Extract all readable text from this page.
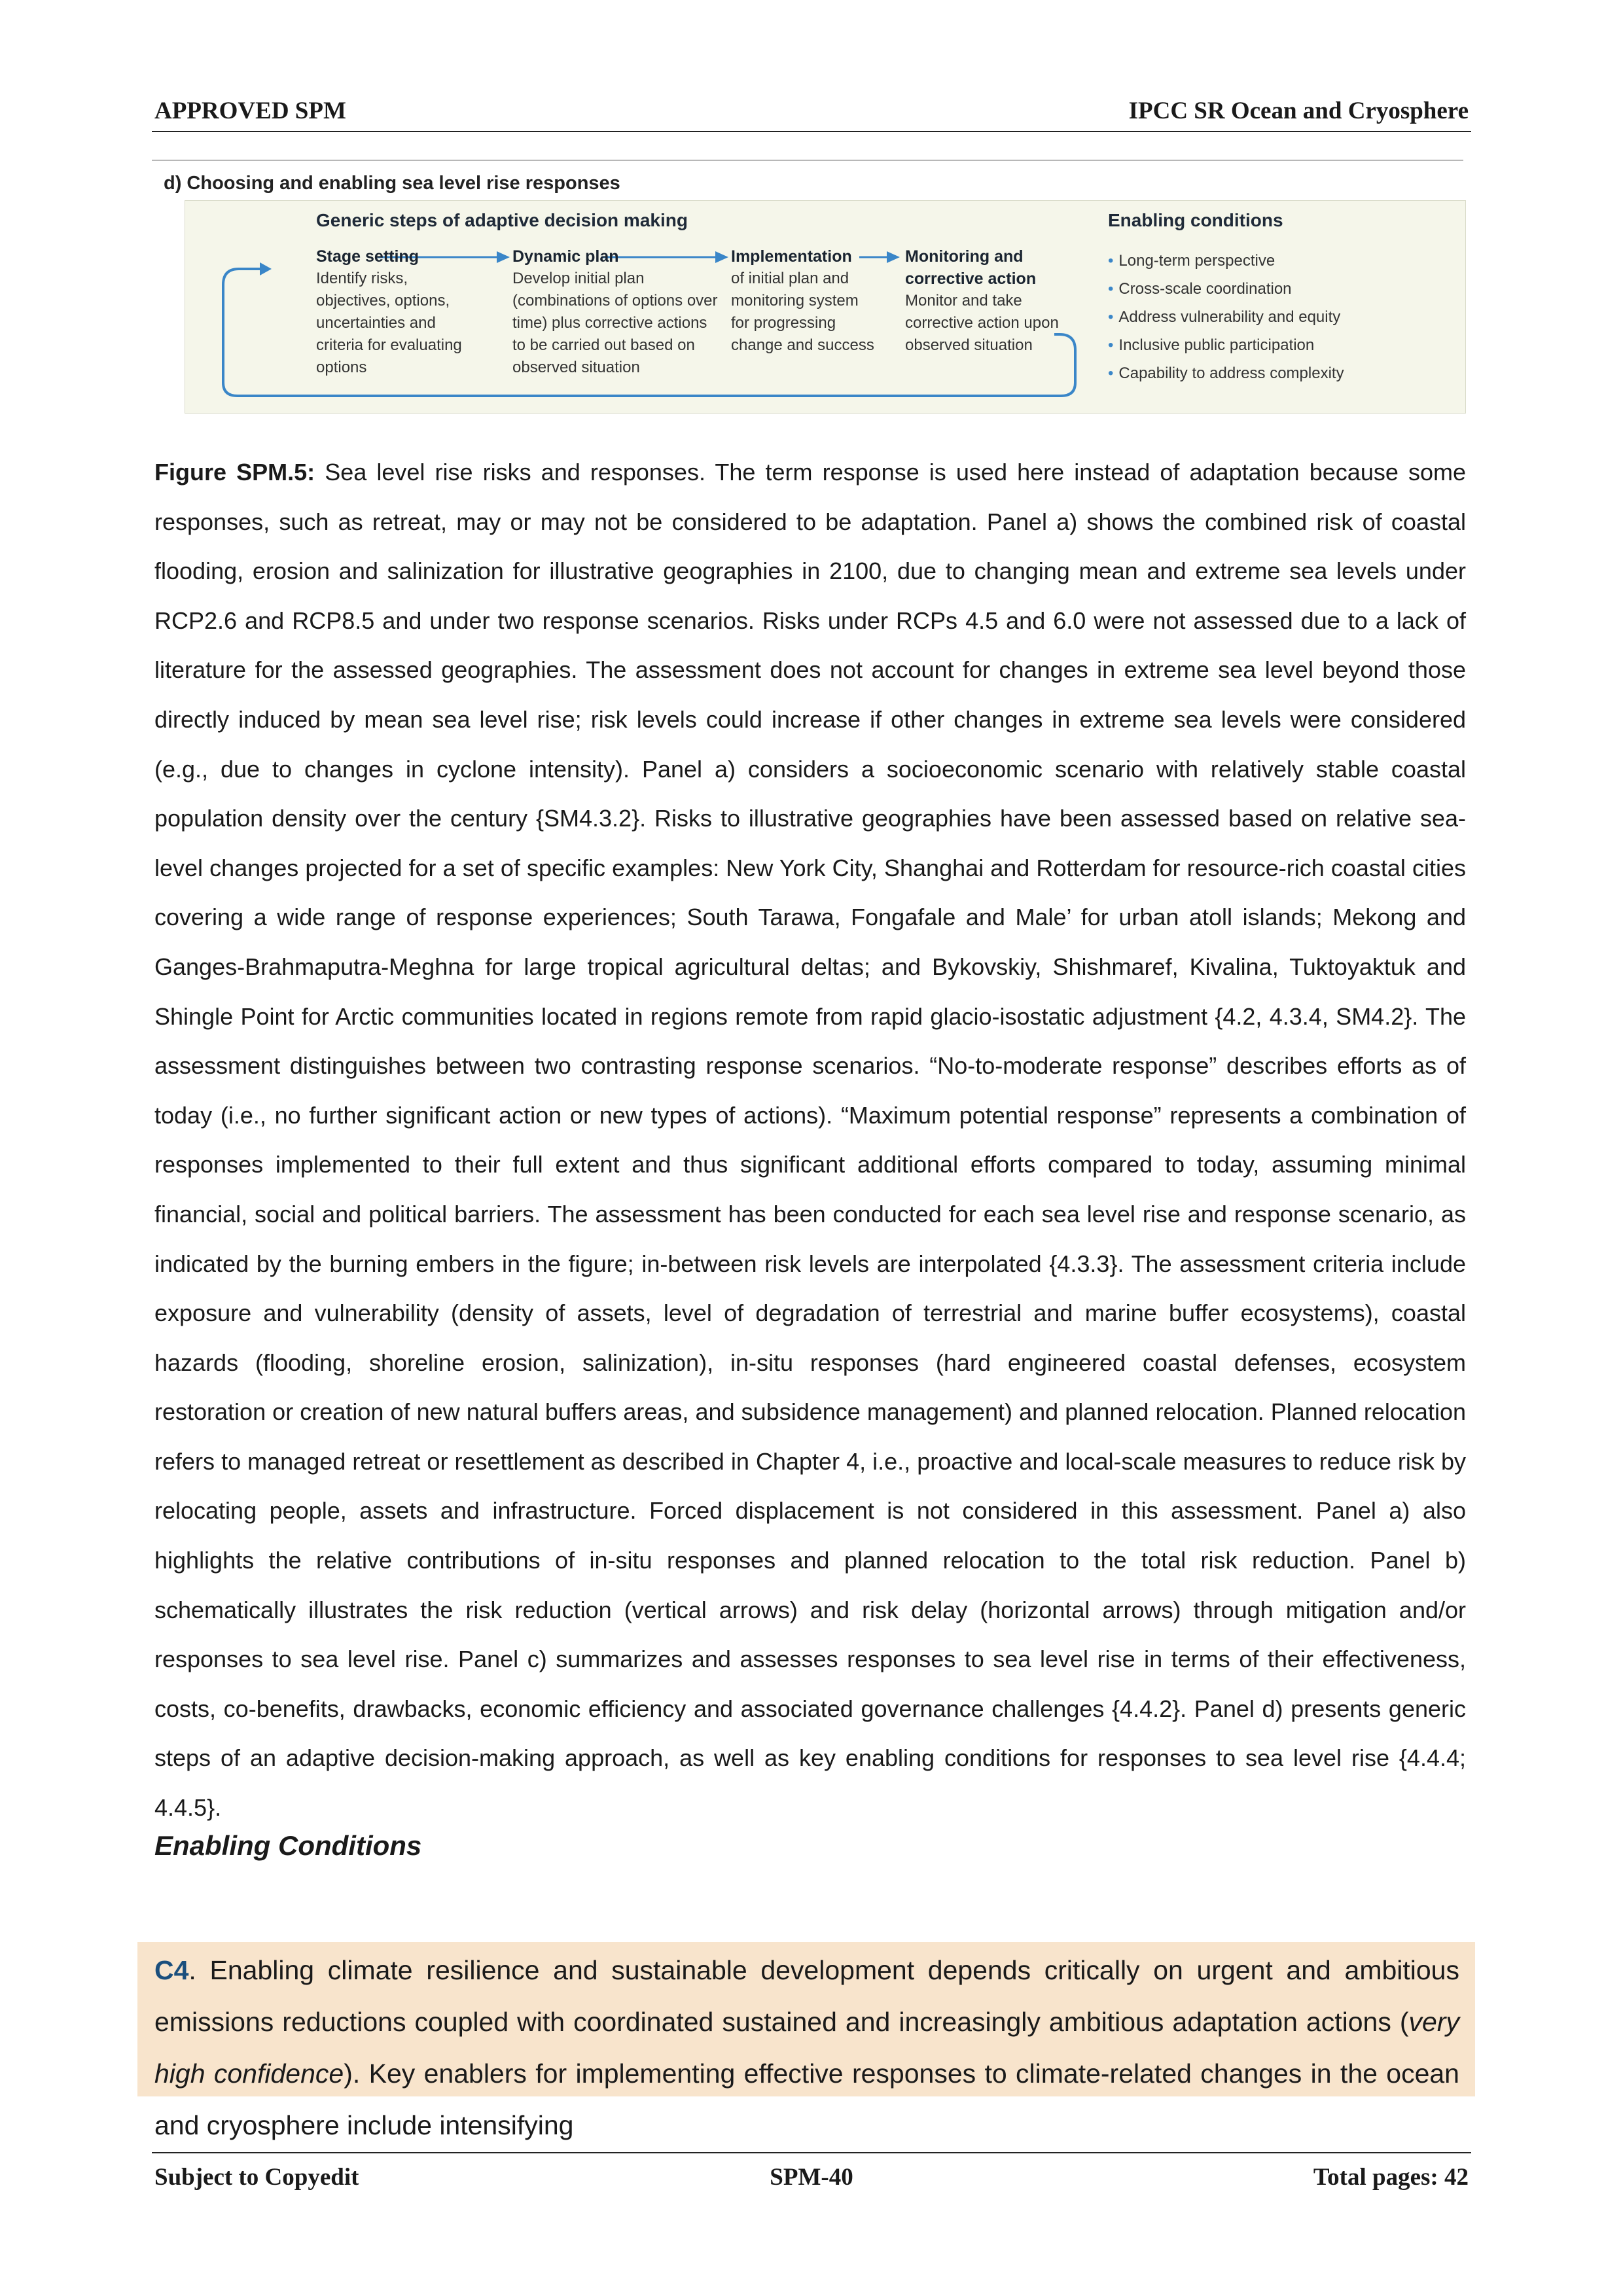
APPROVED SPM	IPCC SR Ocean and Cryosphere
d) Choosing and enabling sea level rise responses
Generic steps of adaptive decision making
Stage setting
Identify risks,
objectives, options,
uncertainties and
criteria for evaluating
options
Dynamic plan
Develop initial plan
(combinations of options over
time) plus corrective actions
to be carried out based on
observed situation
Implementation
of initial plan and
monitoring system
for progressing
change and success
Monitoring and
corrective action
Monitor and take
corrective action upon
observed situation
Enabling conditions
• Long-term perspective
• Cross-scale coordination
• Address vulnerability and equity
• Inclusive public participation
• Capability to address complexity
Figure SPM.5: Sea level rise risks and responses. The term response is used here instead of adaptation because some responses, such as retreat, may or may not be considered to be adaptation. Panel a) shows the combined risk of coastal flooding, erosion and salinization for illustrative geographies in 2100, due to changing mean and extreme sea levels under RCP2.6 and RCP8.5 and under two response scenarios. Risks under RCPs 4.5 and 6.0 were not assessed due to a lack of literature for the assessed geographies. The assessment does not account for changes in extreme sea level beyond those directly induced by mean sea level rise; risk levels could increase if other changes in extreme sea levels were considered (e.g., due to changes in cyclone intensity). Panel a) considers a socioeconomic scenario with relatively stable coastal population density over the century {SM4.3.2}. Risks to illustrative geographies have been assessed based on relative sea-level changes projected for a set of specific examples: New York City, Shanghai and Rotterdam for resource-rich coastal cities covering a wide range of response experiences; South Tarawa, Fongafale and Male’ for urban atoll islands; Mekong and Ganges-Brahmaputra-Meghna for large tropical agricultural deltas; and Bykovskiy, Shishmaref, Kivalina, Tuktoyaktuk and Shingle Point for Arctic communities located in regions remote from rapid glacio-isostatic adjustment {4.2, 4.3.4, SM4.2}. The assessment distinguishes between two contrasting response scenarios. “No-to-moderate response” describes efforts as of today (i.e., no further significant action or new types of actions). “Maximum potential response” represents a combination of responses implemented to their full extent and thus significant additional efforts compared to today, assuming minimal financial, social and political barriers. The assessment has been conducted for each sea level rise and response scenario, as indicated by the burning embers in the figure; in-between risk levels are interpolated {4.3.3}. The assessment criteria include exposure and vulnerability (density of assets, level of degradation of terrestrial and marine buffer ecosystems), coastal hazards (flooding, shoreline erosion, salinization), in-situ responses (hard engineered coastal defenses, ecosystem restoration or creation of new natural buffers areas, and subsidence management) and planned relocation. Planned relocation refers to managed retreat or resettlement as described in Chapter 4, i.e., proactive and local-scale measures to reduce risk by relocating people, assets and infrastructure. Forced displacement is not considered in this assessment. Panel a) also highlights the relative contributions of in-situ responses and planned relocation to the total risk reduction. Panel b) schematically illustrates the risk reduction (vertical arrows) and risk delay (horizontal arrows) through mitigation and/or responses to sea level rise. Panel c) summarizes and assesses responses to sea level rise in terms of their effectiveness, costs, co-benefits, drawbacks, economic efficiency and associated governance challenges {4.4.2}. Panel d) presents generic steps of an adaptive decision-making approach, as well as key enabling conditions for responses to sea level rise {4.4.4; 4.4.5}.
Enabling Conditions
C4. Enabling climate resilience and sustainable development depends critically on urgent and ambitious emissions reductions coupled with coordinated sustained and increasingly ambitious adaptation actions (very high confidence). Key enablers for implementing effective responses to climate-related changes in the ocean and cryosphere include intensifying
Subject to Copyedit	SPM-40	Total pages: 42
